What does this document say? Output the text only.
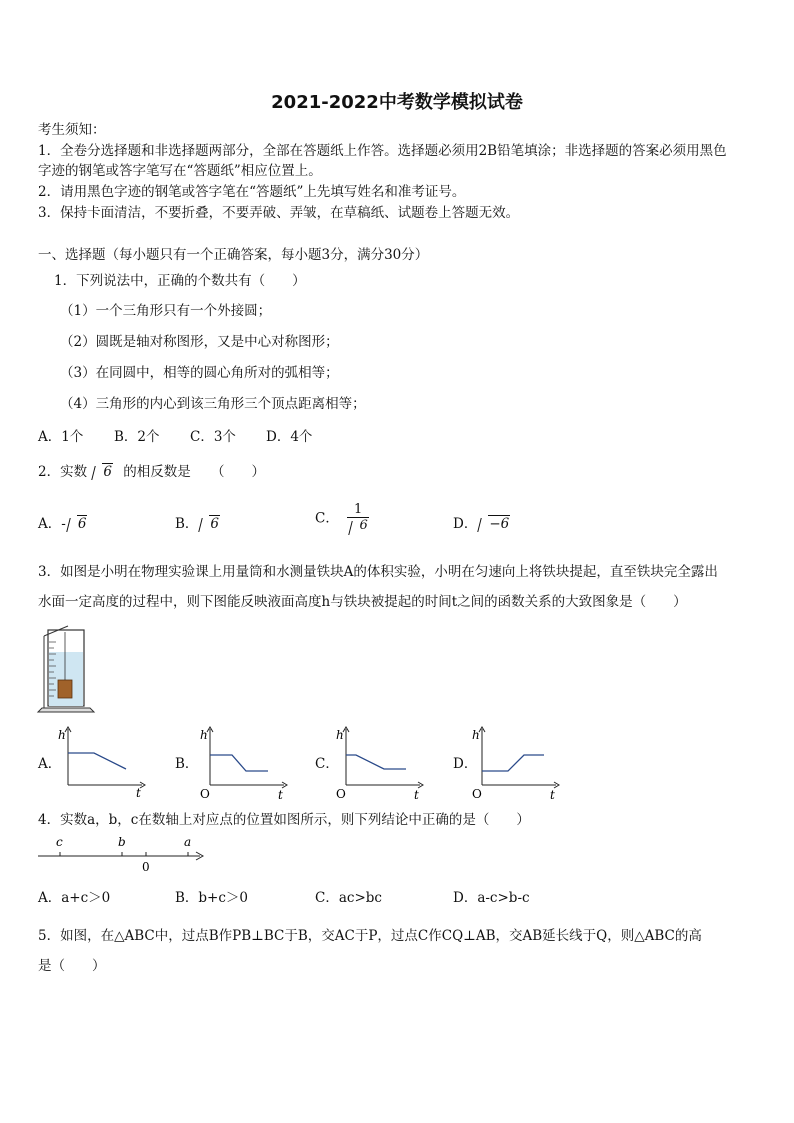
2021-2022中考数学模拟试卷
考生须知：
1．全卷分选择题和非选择题两部分，全部在答题纸上作答。选择题必须用2B铅笔填涂；非选择题的答案必须用黑色
字迹的钢笔或答字笔写在“答题纸”相应位置上。
2．请用黑色字迹的钢笔或答字笔在“答题纸”上先填写姓名和准考证号。
3．保持卡面清洁，不要折叠，不要弄破、弄皱，在草稿纸、试题卷上答题无效。
一、选择题（每小题只有一个正确答案，每小题3分，满分30分）
1．下列说法中，正确的个数共有（　　）
（1）一个三角形只有一个外接圆；
（2）圆既是轴对称图形，又是中心对称图形；
（3）在同圆中，相等的圆心角所对的弧相等；
（4）三角形的内心到该三角形三个顶点距离相等；
A．1个 B．2个 C．3个 D．4个
2．实数 6 的相反数是　　（　　）
A．- 6	B． 6	C． $\frac{1}{6}$	D． −6
3．如图是小明在物理实验课上用量筒和水测量铁块A的体积实验，小明在匀速向上将铁块提起，直至铁块完全露出
水面一定高度的过程中，则下图能反映液面高度h与铁块被提起的时间t之间的函数关系的大致图象是（　　）
A．	B．	C．	D．
h
t
h
t
O
h
t
O
h
t
O
4．实数a，b，c在数轴上对应点的位置如图所示，则下列结论中正确的是（　　）
c	b	a
0
A．a+c＞0	B．b+c＞0	C．ac>bc	D．a-c>b-c
5．如图，在△ABC中，过点B作PB⊥BC于B，交AC于P，过点C作CQ⊥AB，交AB延长线于Q，则△ABC的高
是（　　）
